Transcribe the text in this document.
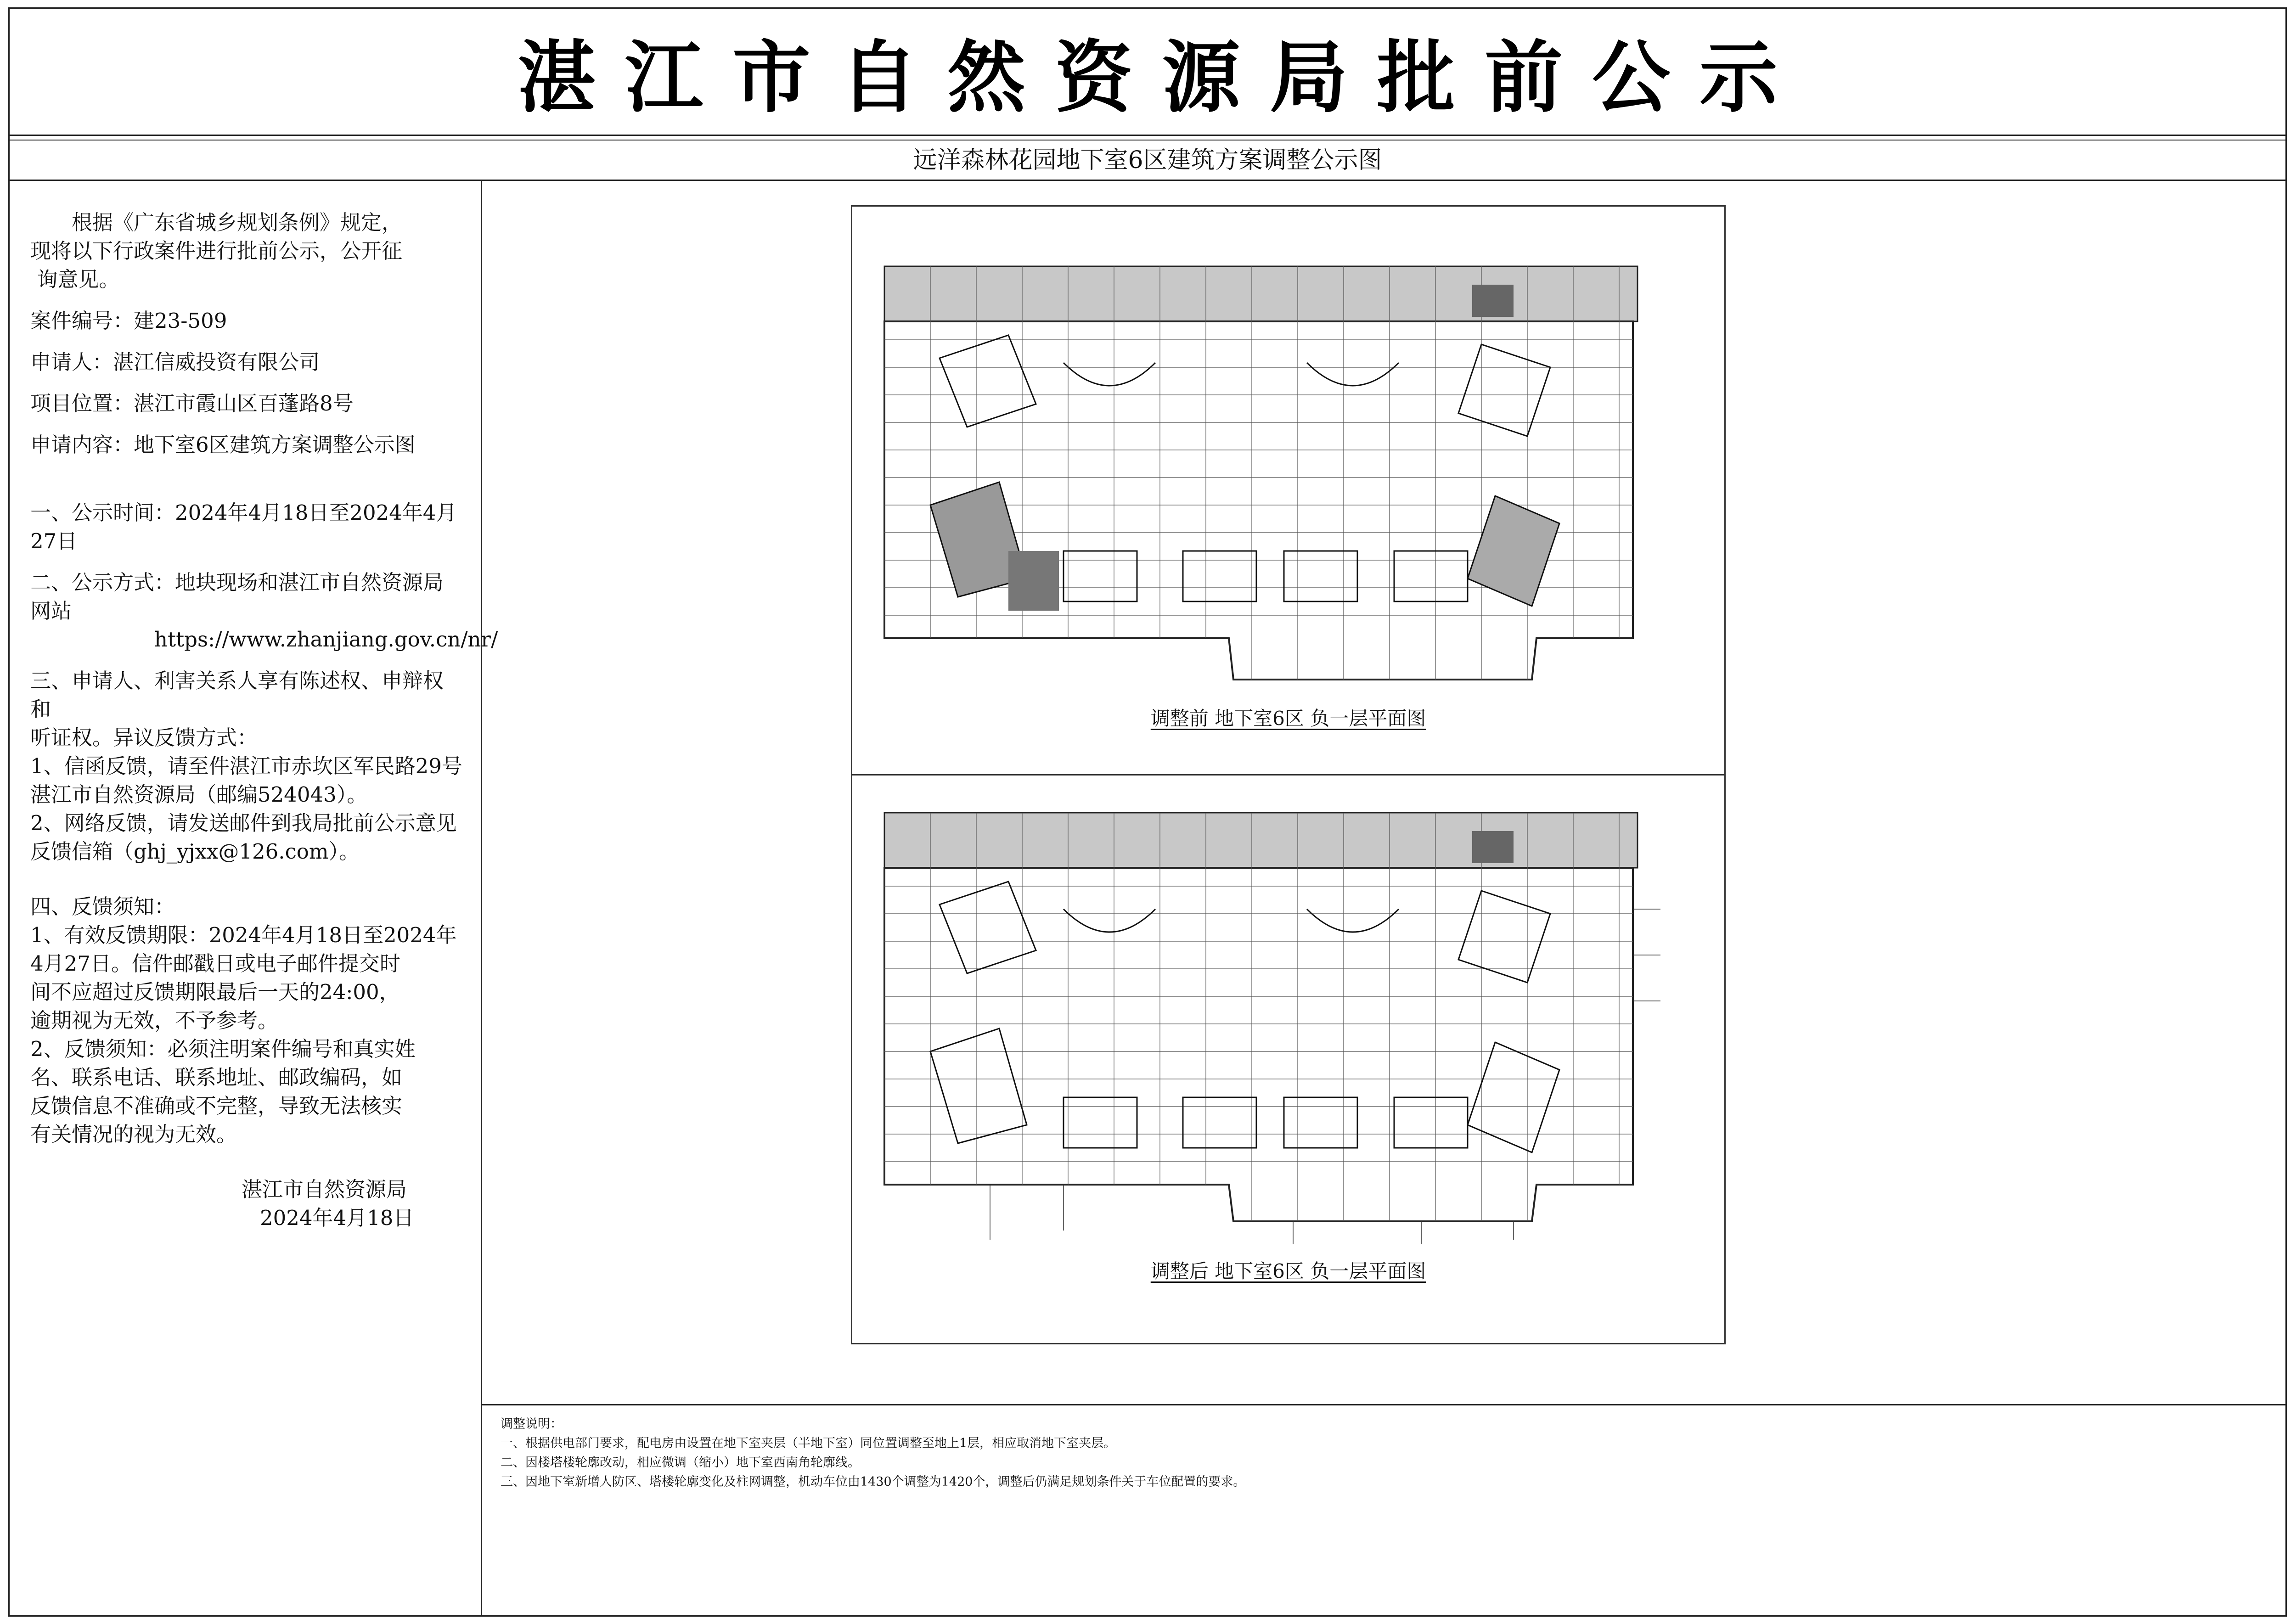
湛江市自然资源局批前公示
远洋森林花园地下室6区建筑方案调整公示图

根据《广东省城乡规划条例》规定，

现将以下行政案件进行批前公示，公开征

询意见。

案件编号：建23-509

申请人：湛江信威投资有限公司

项目位置：湛江市霞山区百蓬路8号

申请内容：地下室6区建筑方案调整公示图

一、公示时间：2024年4月18日至2024年4月27日

二、公示方式：地块现场和湛江市自然资源局网站

https://www.zhanjiang.gov.cn/nr/

三、申请人、利害关系人享有陈述权、申辩权和

听证权。异议反馈方式：

1、信函反馈，请至件湛江市赤坎区军民路29号

湛江市自然资源局（邮编524043）。

2、网络反馈，请发送邮件到我局批前公示意见

反馈信箱（ghj_yjxx@126.com）。

四、反馈须知：

1、有效反馈期限：2024年4月18日至2024年

4月27日。信件邮戳日或电子邮件提交时

间不应超过反馈期限最后一天的24:00，

逾期视为无效，不予参考。

2、反馈须知：必须注明案件编号和真实姓

名、联系电话、联系地址、邮政编码，如

反馈信息不准确或不完整，导致无法核实

有关情况的视为无效。

湛江市自然资源局

2024年4月18日

调整前 地下室6区 负一层平面图
调整后 地下室6区 负一层平面图

调整说明：

一、根据供电部门要求，配电房由设置在地下室夹层（半地下室）同位置调整至地上1层，相应取消地下室夹层。

二、因楼塔楼轮廓改动，相应微调（缩小）地下室西南角轮廓线。

三、因地下室新增人防区、塔楼轮廓变化及柱网调整，机动车位由1430个调整为1420个，调整后仍满足规划条件关于车位配置的要求。
